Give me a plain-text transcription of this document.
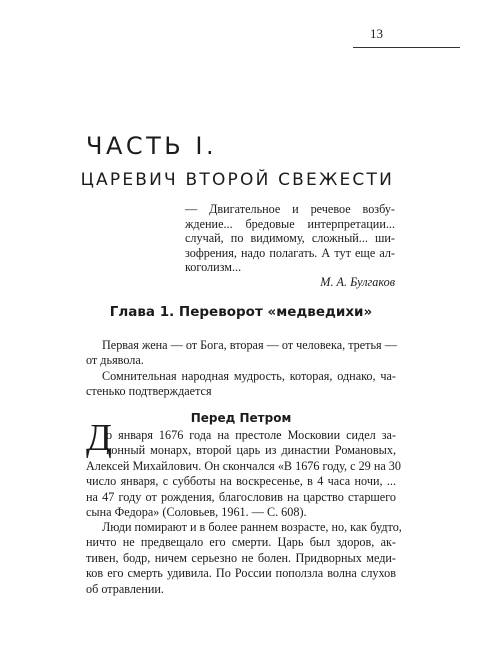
13
ЧАСТЬ I.
ЦАРЕВИЧ ВТОРОЙ СВЕЖЕСТИ
— Двигательное и речевое возбу-
ждение... бредовые интерпретации...
случай, по видимому, сложный... ши-
зофрения, надо полагать. А тут еще ал-
коголизм...
М. А. Булгаков
Глава 1. Переворот «медведихи»
Первая жена — от Бога, вторая — от человека, третья —
от дьявола.
Сомнительная народная мудрость, которая, однако, ча-
стенько подтверждается
Перед Петром
Д
о января 1676 года на престоле Московии сидел за-
конный монарх, второй царь из династии Романовых,
Алексей Михайлович. Он скончался «В 1676 году, с 29 на 30
число января, с субботы на воскресенье, в 4 часа ночи, ...
на 47 году от рождения, благословив на царство старшего
сына Федора» (Соловьев, 1961. — С. 608).
Люди помирают и в более раннем возрасте, но, как будто,
ничто не предвещало его смерти. Царь был здоров, ак-
тивен, бодр, ничем серьезно не болен. Придворных меди-
ков его смерть удивила. По России поползла волна слухов
об отравлении.
